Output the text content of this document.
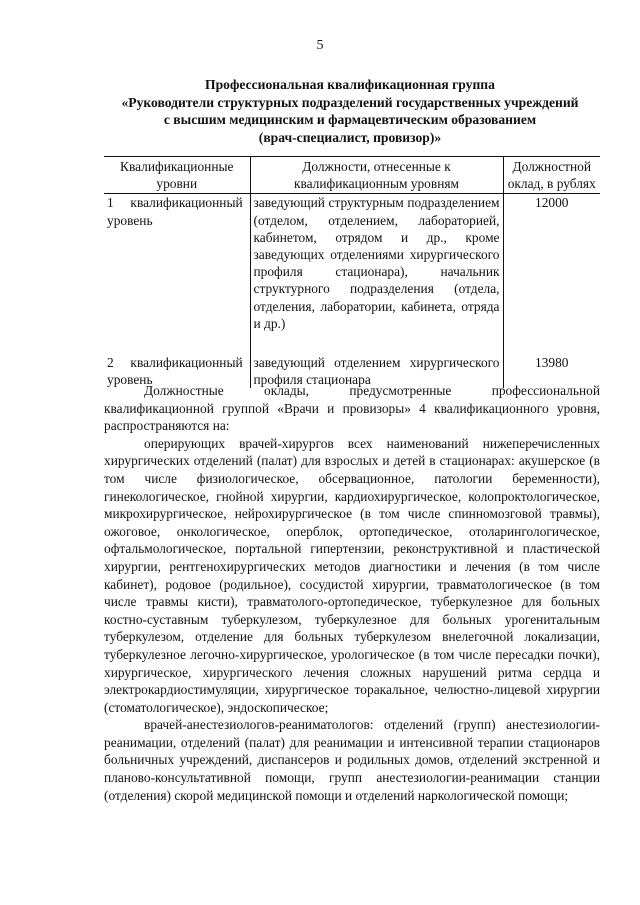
5
Профессиональная квалификационная группа
«Руководители структурных подразделений государственных учреждений
с высшим медицинским и фармацевтическим образованием
(врач-специалист, провизор)»
Квалификационные уровни	Должности, отнесенные к квалификационным уровням	Должностной оклад, в рублях
1     квалификационный
уровень	заведующий структурным подразделением (отделом, отделением, лабораторией, кабинетом, отрядом и др., кроме заведующих отделениями хирургического профиля стационара), начальник структурного подразделения (отдела, отделения, лаборатории, кабинета, отряда и др.)	12000

2     квалификационный
уровень	заведующий отделением хирургического профиля стационара	13980

Должностные оклады, предусмотренные профессиональной квалификационной группой «Врачи и провизоры» 4 квалификационного уровня, распространяются на:

оперирующих врачей-хирургов всех наименований нижеперечисленных хирургических отделений (палат) для взрослых и детей в стационарах: акушерское (в том числе физиологическое, обсервационное, патологии беременности), гинекологическое, гнойной хирургии, кардиохирургическое, колопроктологическое, микрохирургическое, нейрохирургическое (в том числе спинномозговой травмы), ожоговое, онкологическое, оперблок, ортопедическое, отоларингологическое, офтальмологическое, портальной гипертензии, реконструктивной и пластической хирургии, рентгенохирургических методов диагностики и лечения (в том числе кабинет), родовое (родильное), сосудистой хирургии, травматологическое (в том числе травмы кисти), травматолого-ортопедическое, туберкулезное для больных костно-суставным туберкулезом, туберкулезное для больных урогенитальным туберкулезом, отделение для больных туберкулезом внелегочной локализации, туберкулезное легочно-хирургическое, урологическое (в том числе пересадки почки), хирургическое, хирургического лечения сложных нарушений ритма сердца и электрокардиостимуляции, хирургическое торакальное, челюстно-лицевой хирургии (стоматологическое), эндоскопическое;

врачей-анестезиологов-реаниматологов: отделений (групп) анестезиологии-реанимации, отделений (палат) для реанимации и интенсивной терапии стационаров больничных учреждений, диспансеров и родильных домов, отделений экстренной и планово-консультативной помощи, групп анестезиологии-реанимации станции (отделения) скорой медицинской помощи и отделений наркологической помощи;
